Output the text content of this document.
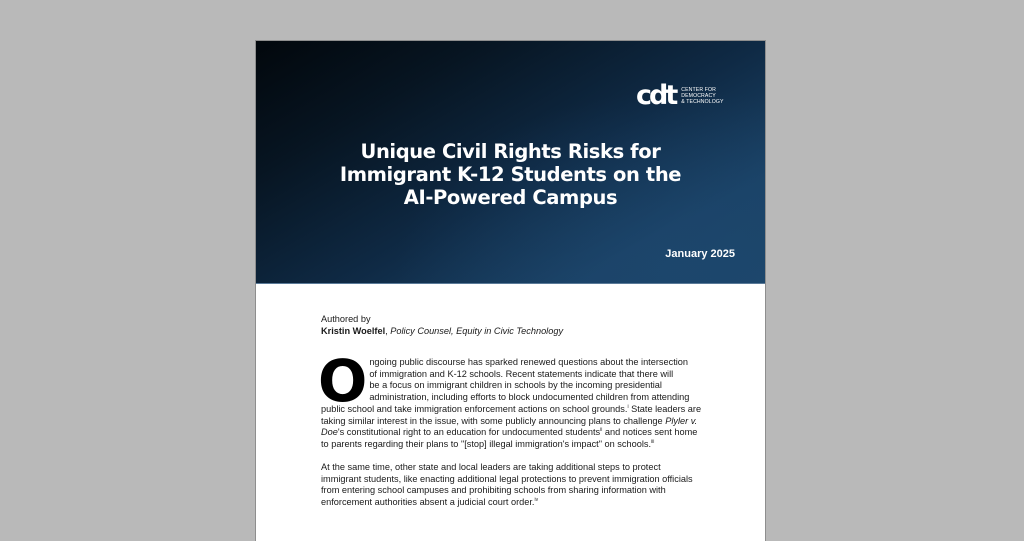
cdt CENTER FOR
DEMOCRACY
& TECHNOLOGY
Unique Civil Rights Risks for
Immigrant K-12 Students on the
AI-Powered Campus
January 2025

Authored by

Kristin Woelfel, Policy Counsel, Equity in Civic Technology

O ngoing public discourse has sparked renewed questions about the intersection
of immigration and K-12 schools. Recent statements indicate that there will
be a focus on immigrant children in schools by the incoming presidential
administration, including efforts to block undocumented children from attending
public school and take immigration enforcement actions on school grounds.$^i$ State leaders are
taking similar interest in the issue, with some publicly announcing plans to challenge Plyler v.
Doe's constitutional right to an education for undocumented students$^{ii}$ and notices sent home
to parents regarding their plans to "[stop] illegal immigration's impact" on schools.$^{iii}$
At the same time, other state and local leaders are taking additional steps to protect
immigrant students, like enacting additional legal protections to prevent immigration officials
from entering school campuses and prohibiting schools from sharing information with
enforcement authorities absent a judicial court order.$^{iv}$
